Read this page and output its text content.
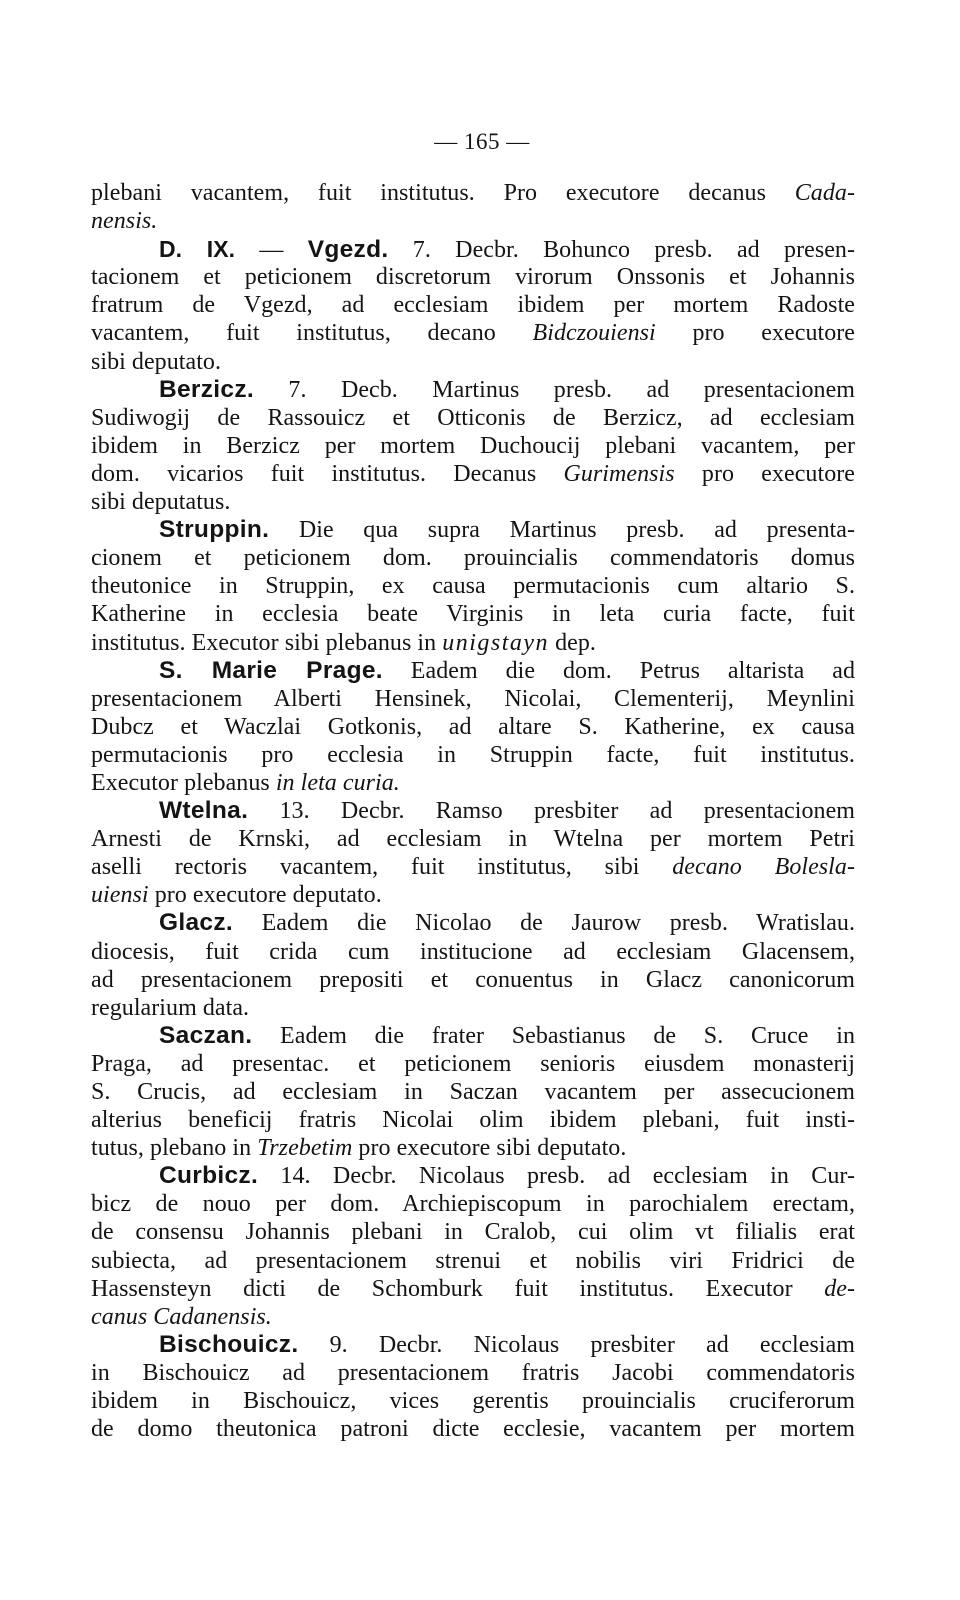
— 165 —
plebani vacantem, fuit institutus. Pro executore decanus Cada-
nensis.
D. IX. — Vgezd. 7. Decbr. Bohunco presb. ad presen-
tacionem et peticionem discretorum virorum Onssonis et Johannis
fratrum de Vgezd, ad ecclesiam ibidem per mortem Radoste
vacantem, fuit institutus, decano Bidczouiensi pro executore
sibi deputato.
Berzicz. 7. Decb. Martinus presb. ad presentacionem
Sudiwogij de Rassouicz et Otticonis de Berzicz, ad ecclesiam
ibidem in Berzicz per mortem Duchoucij plebani vacantem, per
dom. vicarios fuit institutus. Decanus Gurimensis pro executore
sibi deputatus.
Struppin. Die qua supra Martinus presb. ad presenta-
cionem et peticionem dom. prouincialis commendatoris domus
theutonice in Struppin, ex causa permutacionis cum altario S.
Katherine in ecclesia beate Virginis in leta curia facte, fuit
institutus. Executor sibi plebanus in unigstayn dep.
S. Marie Prage. Eadem die dom. Petrus altarista ad
presentacionem Alberti Hensinek, Nicolai, Clementerij, Meynlini
Dubcz et Waczlai Gotkonis, ad altare S. Katherine, ex causa
permutacionis pro ecclesia in Struppin facte, fuit institutus.
Executor plebanus in leta curia.
Wtelna. 13. Decbr. Ramso presbiter ad presentacionem
Arnesti de Krnski, ad ecclesiam in Wtelna per mortem Petri
aselli rectoris vacantem, fuit institutus, sibi decano Boleslа-
uiensi pro executore deputato.
Glacz. Eadem die Nicolao de Jaurow presb. Wratislau.
diocesis, fuit crida cum institucione ad ecclesiam Glacensem,
ad presentacionem prepositi et conuentus in Glacz canonicorum
regularium data.
Saczan. Eadem die frater Sebastianus de S. Cruce in
Praga, ad presentac. et peticionem senioris eiusdem monasterij
S. Crucis, ad ecclesiam in Saczan vacantem per assecucionem
alterius beneficij fratris Nicolai olim ibidem plebani, fuit insti-
tutus, plebano in Trzebetim pro executore sibi deputato.
Curbicz. 14. Decbr. Nicolaus presb. ad ecclesiam in Cur-
bicz de nouo per dom. Archiepiscopum in parochialem erectam,
de consensu Johannis plebani in Cralob, cui olim vt filialis erat
subiecta, ad presentacionem strenui et nobilis viri Fridrici de
Hassensteyn dicti de Schomburk fuit institutus. Executor de-
canus Cadanensis.
Bischouicz. 9. Decbr. Nicolaus presbiter ad ecclesiam
in Bischouicz ad presentacionem fratris Jacobi commendatoris
ibidem in Bischouicz, vices gerentis prouincialis cruciferorum
de domo theutonica patroni dicte ecclesie, vacantem per mortem
